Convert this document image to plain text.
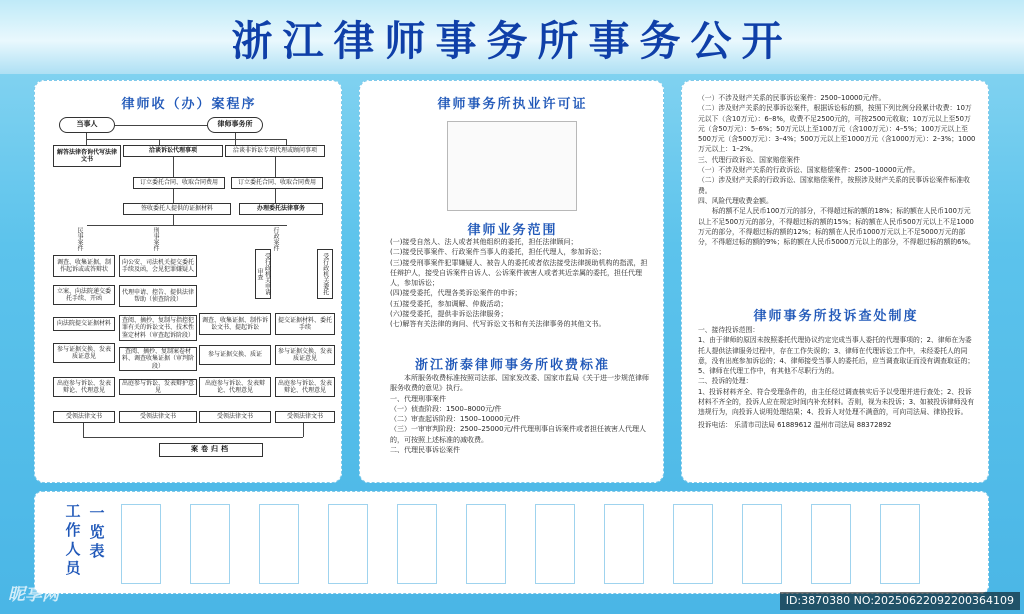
浙江律师事务所事务公开
律师收（办）案程序
当事人	律师事务所
解答法律咨询代写法律文书
洽谈诉讼代理事项	洽谈非诉讼专项代理或顾问事项
订立委托合同、收取合同费用	订立委托合同、收取合同费用
签收委托人提供的证据材料	办理委托法律事务
民事案件	刑事案件	行政案件
调查、收集证据，制作起诉或或答辩状
向公安、司法机关提交委托手续及函，会见犯罪嫌疑人	受行政机关申请审查	受行政机关委托
立案、向法院递交委托手续、开函
代理申请、控告、提供法律帮助（侦查阶段）
调查、收集证据、制作诉讼文书、提起诉讼
提交证据材料、委托手续
向法院提交证据材料	查阅、摘抄、复制与指控犯罪有关的诉讼文书、技术性鉴定材料（审查起诉阶段）
参与证据交换、发表质证意见
查阅、摘抄、复制案卷材料、调查收集证据（审判阶段）
参与证据交换、质证
参与证据交换、发表质证意见
出庭参与诉讼、发表辩论、代理意见
出庭参与诉讼、发表辩护意见
出庭参与诉讼、发表辩论、代理意见
出庭参与诉讼、发表辩论、代理意见
受领法律文书	受领法律文书	受领法律文书	受领法律文书
案卷归档
律师事务所执业许可证
律师业务范围
(一)接受自然人、法人或者其他组织的委托，担任法律顾问；
(二)接受民事案件、行政案件当事人的委托，担任代理人，参加诉讼；
(三)接受刑事案件犯罪嫌疑人、被告人的委托或者依法接受法律援助机构的指派，担任辩护人，接受自诉案件自诉人、公诉案件被害人或者其近亲属的委托，担任代理人，参加诉讼；
(四)接受委托，代理各类诉讼案件的申诉；
(五)接受委托，参加调解、仲裁活动；
(六)接受委托，提供非诉讼法律服务；
(七)解答有关法律的询问、代写诉讼文书和有关法律事务的其他文书。
浙江浙泰律师事务所收费标准
本所服务收费标准按照司法部、国家发改委、国家市监局《关于进一步规范律师服务收费的意见》执行。
一、代理刑事案件
（一）侦查阶段：1500–8000元/件
（二）审查起诉阶段：1500–10000元/件
（三）一审审判阶段：2500–25000元/件代理刑事自诉案件或者担任被害人代理人的，可按照上述标准的减收费。
二、代理民事诉讼案件
（一）不涉及财产关系的民事诉讼案件：2500–10000元/件。
（二）涉及财产关系的民事诉讼案件，根据诉讼标的额，按照下列比例分段累计收费：10万元以下（含10万元）：6–8%，收费不足2500元的，可按2500元收取；10万元以上至50万元（含50万元）：5–6%；50万元以上至100万元（含100万元）：4–5%；100万元以上至500万元（含500万元）：3–4%；500万元以上至1000万元（含1000万元）：2–3%；1000万元以上：1–2%。
三、代理行政诉讼、国家赔偿案件
（一）不涉及财产关系的行政诉讼、国家赔偿案件：2500–10000元/件。
（二）涉及财产关系的行政诉讼、国家赔偿案件，按照涉及财产关系的民事诉讼案件标准收费。
四、风险代理收费金额。
标的额不足人民币100万元的部分，不得超过标的额的18%；标的额在人民币100万元以上不足500万元的部分，不得超过标的额的15%；标的额在人民币500万元以上不足1000万元的部分，不得超过标的额的12%；标的额在人民币1000万元以上不足5000万元的部分，不得超过标的额的9%；标的额在人民币5000万元以上的部分，不得超过标的额的6%。
律师事务所投诉查处制度
一、接待投诉范围：
1、由于律师的原因未按照委托代理协议约定完成当事人委托的代理事项的；2、律师在为委托人提供法律服务过程中，存在工作失误的；3、律师在代理诉讼工作中，未经委托人的同意，没有出庭参加诉讼的；4、律师接受当事人的委托后，应当调查取证而没有调查取证的；5、律师在代理工作中，有其他不尽职行为的。
二、投诉的处理：
1、投诉材料齐全、符合受理条件的，由主任经过调查核实后予以受理并进行查处；2、投诉材料不齐全的，投诉人应在规定时间内补充材料。否则，视为未投诉；3、如被投诉律师没有违规行为，向投诉人说明处理结果；4、投诉人对处理不满意的，可向司法局、律协投诉。
投诉电话： 乐清市司法局 61889612 温州市司法局 88372892
工作人员
一览表
昵享网	ID:3870380 NO:20250622092200364109
